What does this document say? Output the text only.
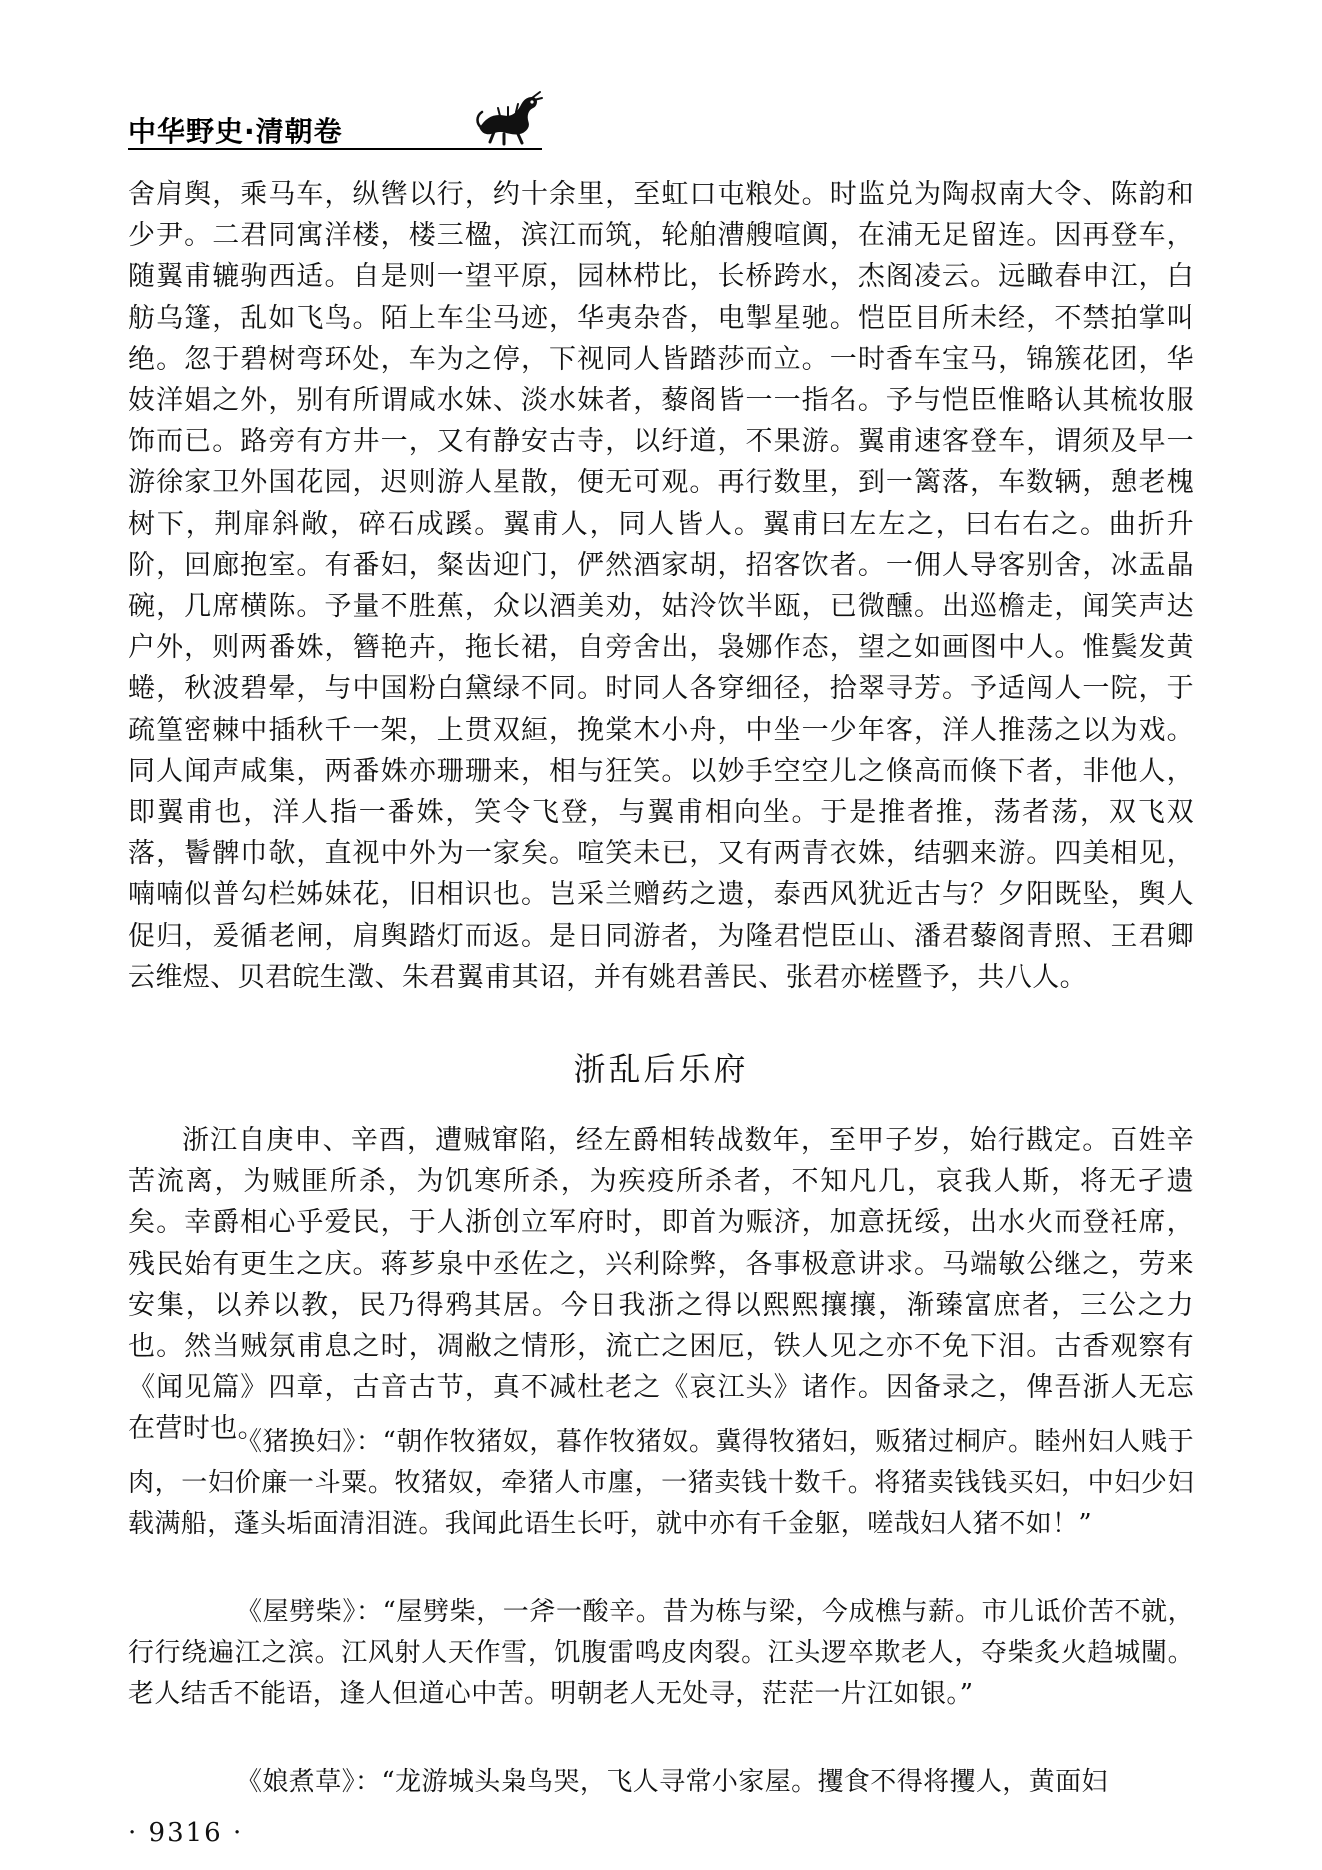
中华野史·清朝卷

舍肩舆，乘马车，纵辔以行，约十余里，至虹口屯粮处。时监兑为陶叔南大令、陈韵和少尹。二君同寓洋楼，楼三楹，滨江而筑，轮舶漕艘喧阗，在浦无足留连。因再登车，随翼甫辘驹西适。自是则一望平原，园林栉比，长桥跨水，杰阁凌云。远瞰春申江，白舫乌篷，乱如飞鸟。陌上车尘马迹，华夷杂沓，电掣星驰。恺臣目所未经，不禁拍掌叫绝。忽于碧树弯环处，车为之停，下视同人皆踏莎而立。一时香车宝马，锦簇花团，华妓洋娼之外，别有所谓咸水妹、淡水妹者，藜阁皆一一指名。予与恺臣惟略认其梳妆服饰而已。路旁有方井一，又有静安古寺，以纡道，不果游。翼甫速客登车，谓须及早一游徐家卫外国花园，迟则游人星散，便无可观。再行数里，到一篱落，车数辆，憩老槐树下，荆扉斜敞，碎石成蹊。翼甫人，同人皆人。翼甫曰左左之，曰右右之。曲折升阶，回廊抱室。有番妇，粲齿迎门，俨然酒家胡，招客饮者。一佣人导客别舍，冰盂晶碗，几席横陈。予量不胜蕉，众以酒美劝，姑泠饮半瓯，已微醺。出巡檐走，闻笑声达户外，则两番姝，簪艳卉，拖长裙，自旁舍出，袅娜作态，望之如画图中人。惟鬓发黄蜷，秋波碧晕，与中国粉白黛绿不同。时同人各穿细径，拾翠寻芳。予适闯人一院，于疏篁密棘中插秋千一架，上贯双絙，挽棠木小舟，中坐一少年客，洋人推荡之以为戏。同人闻声咸集，两番姝亦珊珊来，相与狂笑。以妙手空空儿之倏高而倏下者，非他人，即翼甫也，洋人指一番姝，笑令飞登，与翼甫相向坐。于是推者推，荡者荡，双飞双落，鬠髀巾欹，直视中外为一家矣。喧笑未已，又有两青衣姝，结驷来游。四美相见，喃喃似普勾栏姊妹花，旧相识也。岂采兰赠药之遗，泰西风犹近古与？夕阳既坠，舆人促归，爰循老闸，肩舆踏灯而返。是日同游者，为隆君恺臣山、潘君藜阁青照、王君卿云维煜、贝君皖生澂、朱君翼甫其诏，并有姚君善民、张君亦槎暨予，共八人。

浙乱后乐府

浙江自庚申、辛酉，遭贼窜陷，经左爵相转战数年，至甲子岁，始行戡定。百姓辛苦流离，为贼匪所杀，为饥寒所杀，为疾疫所杀者，不知凡几，哀我人斯，将无孑遗矣。幸爵相心乎爱民，于人浙创立军府时，即首为赈济，加意抚绥，出水火而登衽席，残民始有更生之庆。蒋芗泉中丞佐之，兴利除弊，各事极意讲求。马端敏公继之，劳来安集，以养以教，民乃得鸦其居。今日我浙之得以熙熙攘攘，渐臻富庶者，三公之力也。然当贼氛甫息之时，凋敝之情形，流亡之困厄，铁人见之亦不免下泪。古香观察有《闻见篇》四章，古音古节，真不减杜老之《哀江头》诸作。因备录之，俾吾浙人无忘在营时也。

《猪换妇》：“朝作牧猪奴，暮作牧猪奴。冀得牧猪妇，贩猪过桐庐。睦州妇人贱于肉，一妇价廉一斗粟。牧猪奴，牵猪人市廛，一猪卖钱十数千。将猪卖钱钱买妇，中妇少妇载满船，蓬头垢面清泪涟。我闻此语生长吁，就中亦有千金躯，嗟哉妇人猪不如！”

《屋劈柴》：“屋劈柴，一斧一酸辛。昔为栋与梁，今成樵与薪。市儿诋价苦不就，行行绕遍江之滨。江风射人天作雪，饥腹雷鸣皮肉裂。江头逻卒欺老人，夺柴炙火趋城闉。老人结舌不能语，逢人但道心中苦。明朝老人无处寻，茫茫一片江如银。”

《娘煮草》：“龙游城头枭鸟哭，飞人寻常小家屋。攫食不得将攫人，黄面妇

· 9316 ·
